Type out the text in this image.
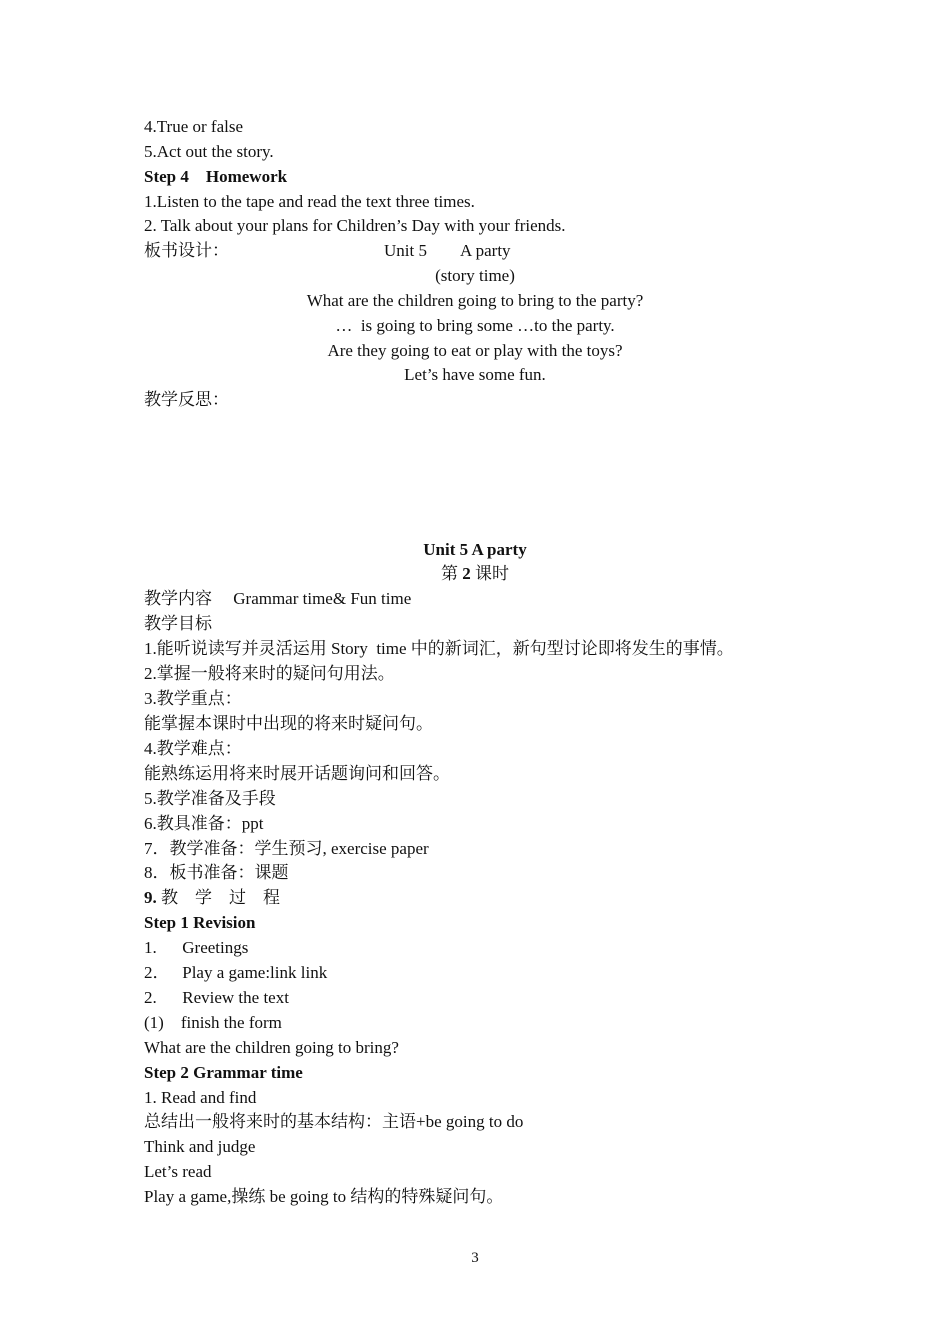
4.True or false
5.Act out the story.
Step 4    Homework
1.Listen to the tape and read the text three times.
2. Talk about your plans for Children’s Day with your friends.
板书设计：	Unit 5        A party
(story time)
What are the children going to bring to the party?
…  is going to bring some …to the party.
Are they going to eat or play with the toys?
Let’s have some fun.
教学反思：
Unit 5 A party
第 2 课时
教学内容     Grammar time& Fun time
教学目标
1.能听说读写并灵活运用 Story  time 中的新词汇，新句型讨论即将发生的事情。
2.掌握一般将来时的疑问句用法。
3.教学重点：
能掌握本课时中出现的将来时疑问句。
4.教学难点：
能熟练运用将来时展开话题询问和回答。
5.教学准备及手段
6.教具准备：ppt
7．教学准备：学生预习, exercise paper
8．板书准备：课题
9. 教    学    过    程
Step 1 Revision
1.      Greetings
2．   Play a game:link link
2.      Review the text
(1)    finish the form
What are the children going to bring?
Step 2 Grammar time
1. Read and find
总结出一般将来时的基本结构：主语+be going to do
Think and judge
Let’s read
Play a game,操练 be going to 结构的特殊疑问句。
3
